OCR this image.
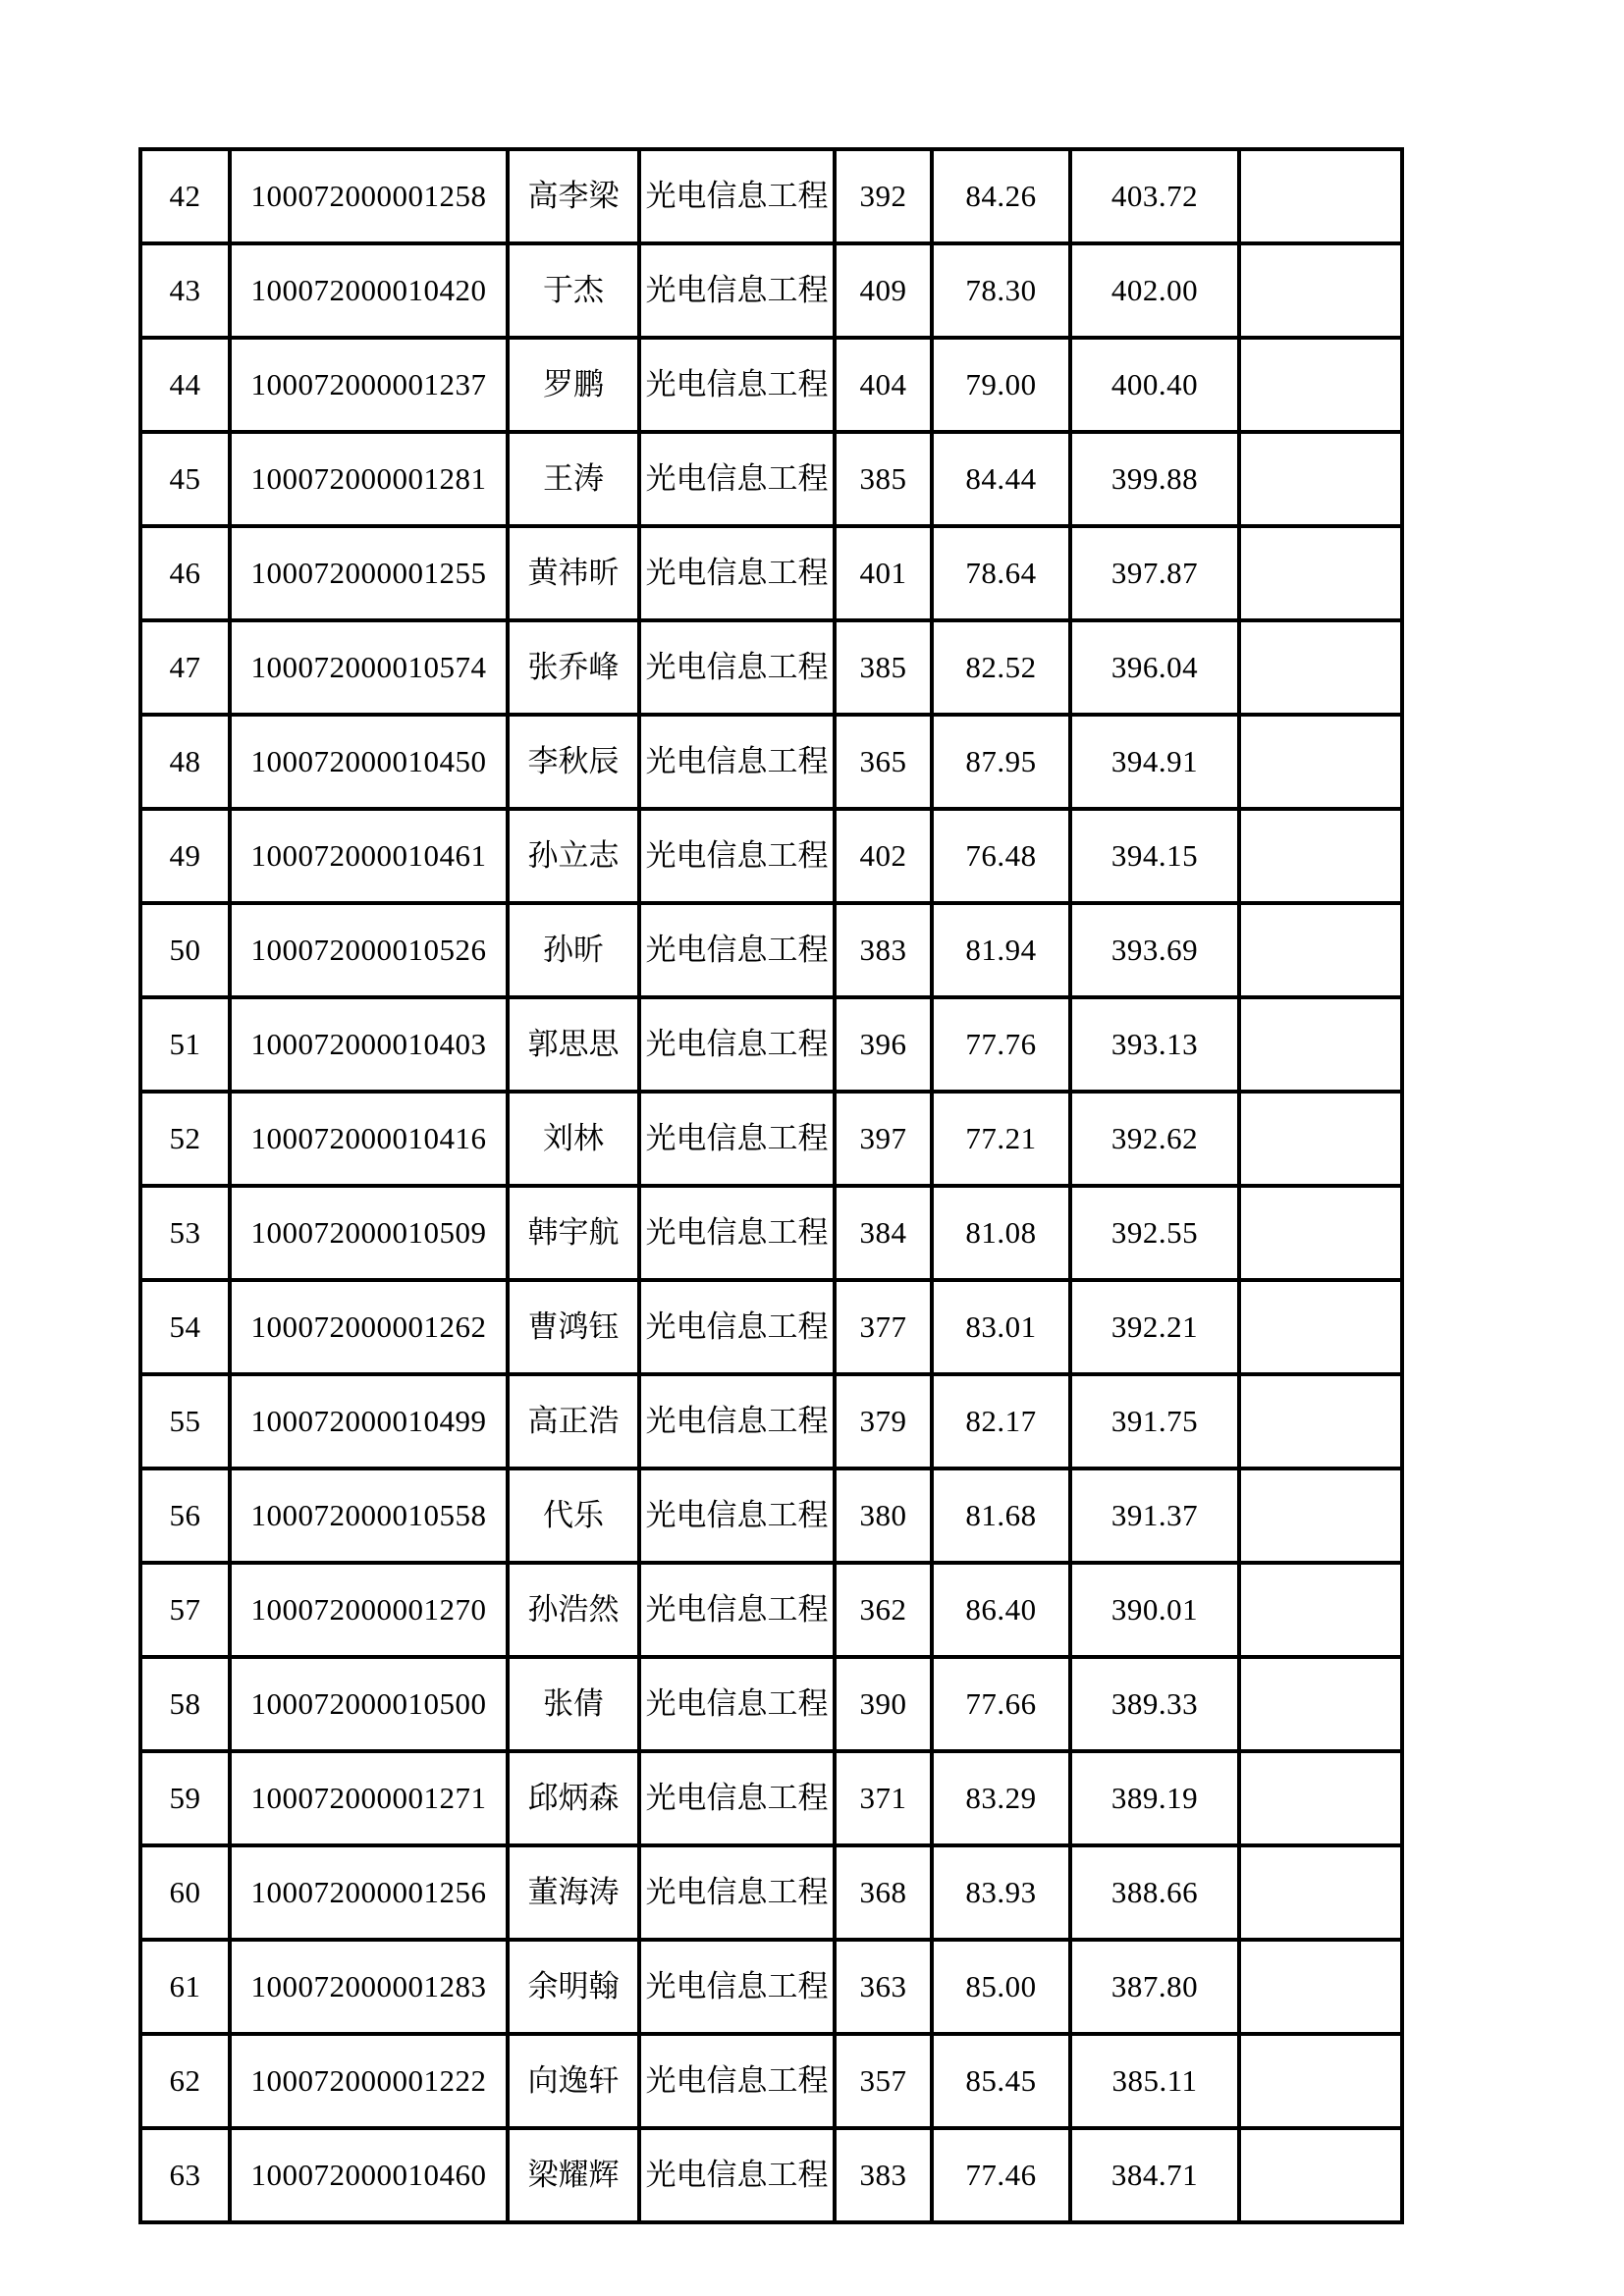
42	100072000001258	高李梁	光电信息工程	392	84.26	403.72	
43	100072000010420	于杰	光电信息工程	409	78.30	402.00	
44	100072000001237	罗鹏	光电信息工程	404	79.00	400.40	
45	100072000001281	王涛	光电信息工程	385	84.44	399.88	
46	100072000001255	黄祎昕	光电信息工程	401	78.64	397.87	
47	100072000010574	张乔峰	光电信息工程	385	82.52	396.04	
48	100072000010450	李秋辰	光电信息工程	365	87.95	394.91	
49	100072000010461	孙立志	光电信息工程	402	76.48	394.15	
50	100072000010526	孙昕	光电信息工程	383	81.94	393.69	
51	100072000010403	郭思思	光电信息工程	396	77.76	393.13	
52	100072000010416	刘林	光电信息工程	397	77.21	392.62	
53	100072000010509	韩宇航	光电信息工程	384	81.08	392.55	
54	100072000001262	曹鸿钰	光电信息工程	377	83.01	392.21	
55	100072000010499	高正浩	光电信息工程	379	82.17	391.75	
56	100072000010558	代乐	光电信息工程	380	81.68	391.37	
57	100072000001270	孙浩然	光电信息工程	362	86.40	390.01	
58	100072000010500	张倩	光电信息工程	390	77.66	389.33	
59	100072000001271	邱炳森	光电信息工程	371	83.29	389.19	
60	100072000001256	董海涛	光电信息工程	368	83.93	388.66	
61	100072000001283	余明翰	光电信息工程	363	85.00	387.80	
62	100072000001222	向逸轩	光电信息工程	357	85.45	385.11	
63	100072000010460	梁耀辉	光电信息工程	383	77.46	384.71	
